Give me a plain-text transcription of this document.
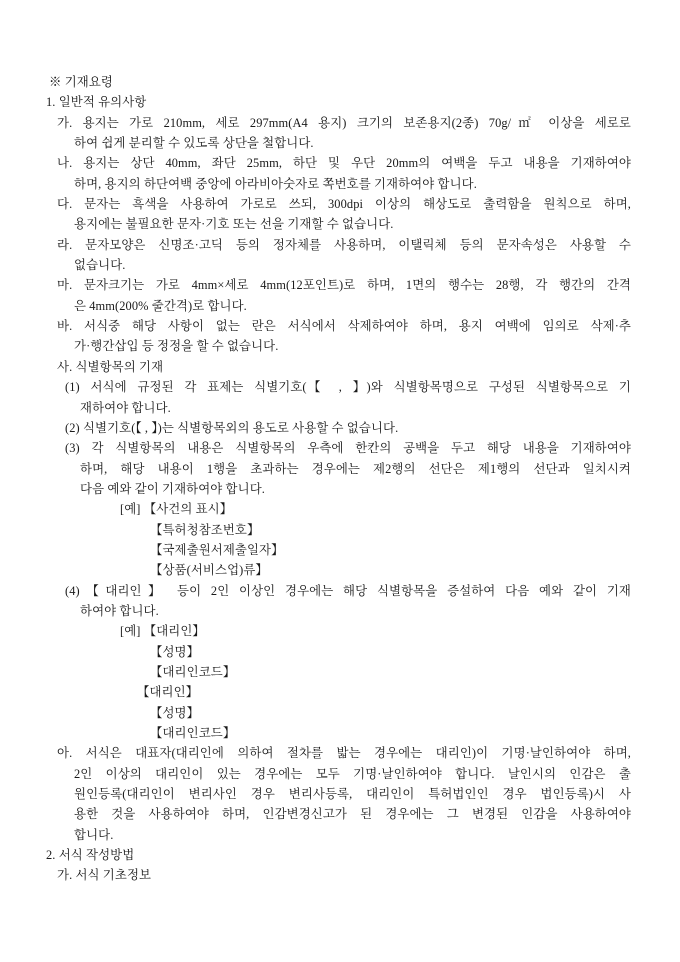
※ 기재요령
1. 일반적 유의사항
가. 용지는 가로 210mm, 세로 297mm(A4 용지) 크기의 보존용지(2종) 70g/㎡ 이상을 세로로
하여 쉽게 분리할 수 있도록 상단을 철합니다.
나. 용지는 상단 40mm, 좌단 25mm, 하단 및 우단 20mm의 여백을 두고 내용을 기재하여야
하며, 용지의 하단여백 중앙에 아라비아숫자로 쪽번호를 기재하여야 합니다.
다. 문자는 흑색을 사용하여 가로로 쓰되, 300dpi 이상의 해상도로 출력함을 원칙으로 하며,
용지에는 불필요한 문자·기호 또는 선을 기재할 수 없습니다.
라. 문자모양은 신명조·고딕 등의 정자체를 사용하며, 이탤릭체 등의 문자속성은 사용할 수
없습니다.
마. 문자크기는 가로 4mm×세로 4mm(12포인트)로 하며, 1면의 행수는 28행, 각 행간의 간격
은 4mm(200% 줄간격)로 합니다.
바. 서식중 해당 사항이 없는 란은 서식에서 삭제하여야 하며, 용지 여백에 임의로 삭제·추
가·행간삽입 등 정정을 할 수 없습니다.
사. 식별항목의 기재
(1) 서식에 규정된 각 표제는 식별기호(【 , 】)와 식별항목명으로 구성된 식별항목으로 기
재하여야 합니다.
(2) 식별기호(【 , 】)는 식별항목외의 용도로 사용할 수 없습니다.
(3) 각 식별항목의 내용은 식별항목의 우측에 한칸의 공백을 두고 해당 내용을 기재하여야
하며, 해당 내용이 1행을 초과하는 경우에는 제2행의 선단은 제1행의 선단과 일치시켜
다음 예와 같이 기재하여야 합니다.
[예] 【사건의 표시】
【특허청참조번호】
【국제출원서제출일자】
【상품(서비스업)류】
(4)【대리인】 등이 2인 이상인 경우에는 해당 식별항목을 증설하여 다음 예와 같이 기재
하여야 합니다.
[예] 【대리인】
【성명】
【대리인코드】
【대리인】
【성명】
【대리인코드】
아. 서식은 대표자(대리인에 의하여 절차를 밟는 경우에는 대리인)이 기명·날인하여야 하며,
2인 이상의 대리인이 있는 경우에는 모두 기명·날인하여야 합니다. 날인시의 인감은 출
원인등록(대리인이 변리사인 경우 변리사등록, 대리인이 특허법인인 경우 법인등록)시 사
용한 것을 사용하여야 하며, 인감변경신고가 된 경우에는 그 변경된 인감을 사용하여야
합니다.
2. 서식 작성방법
가. 서식 기초정보
